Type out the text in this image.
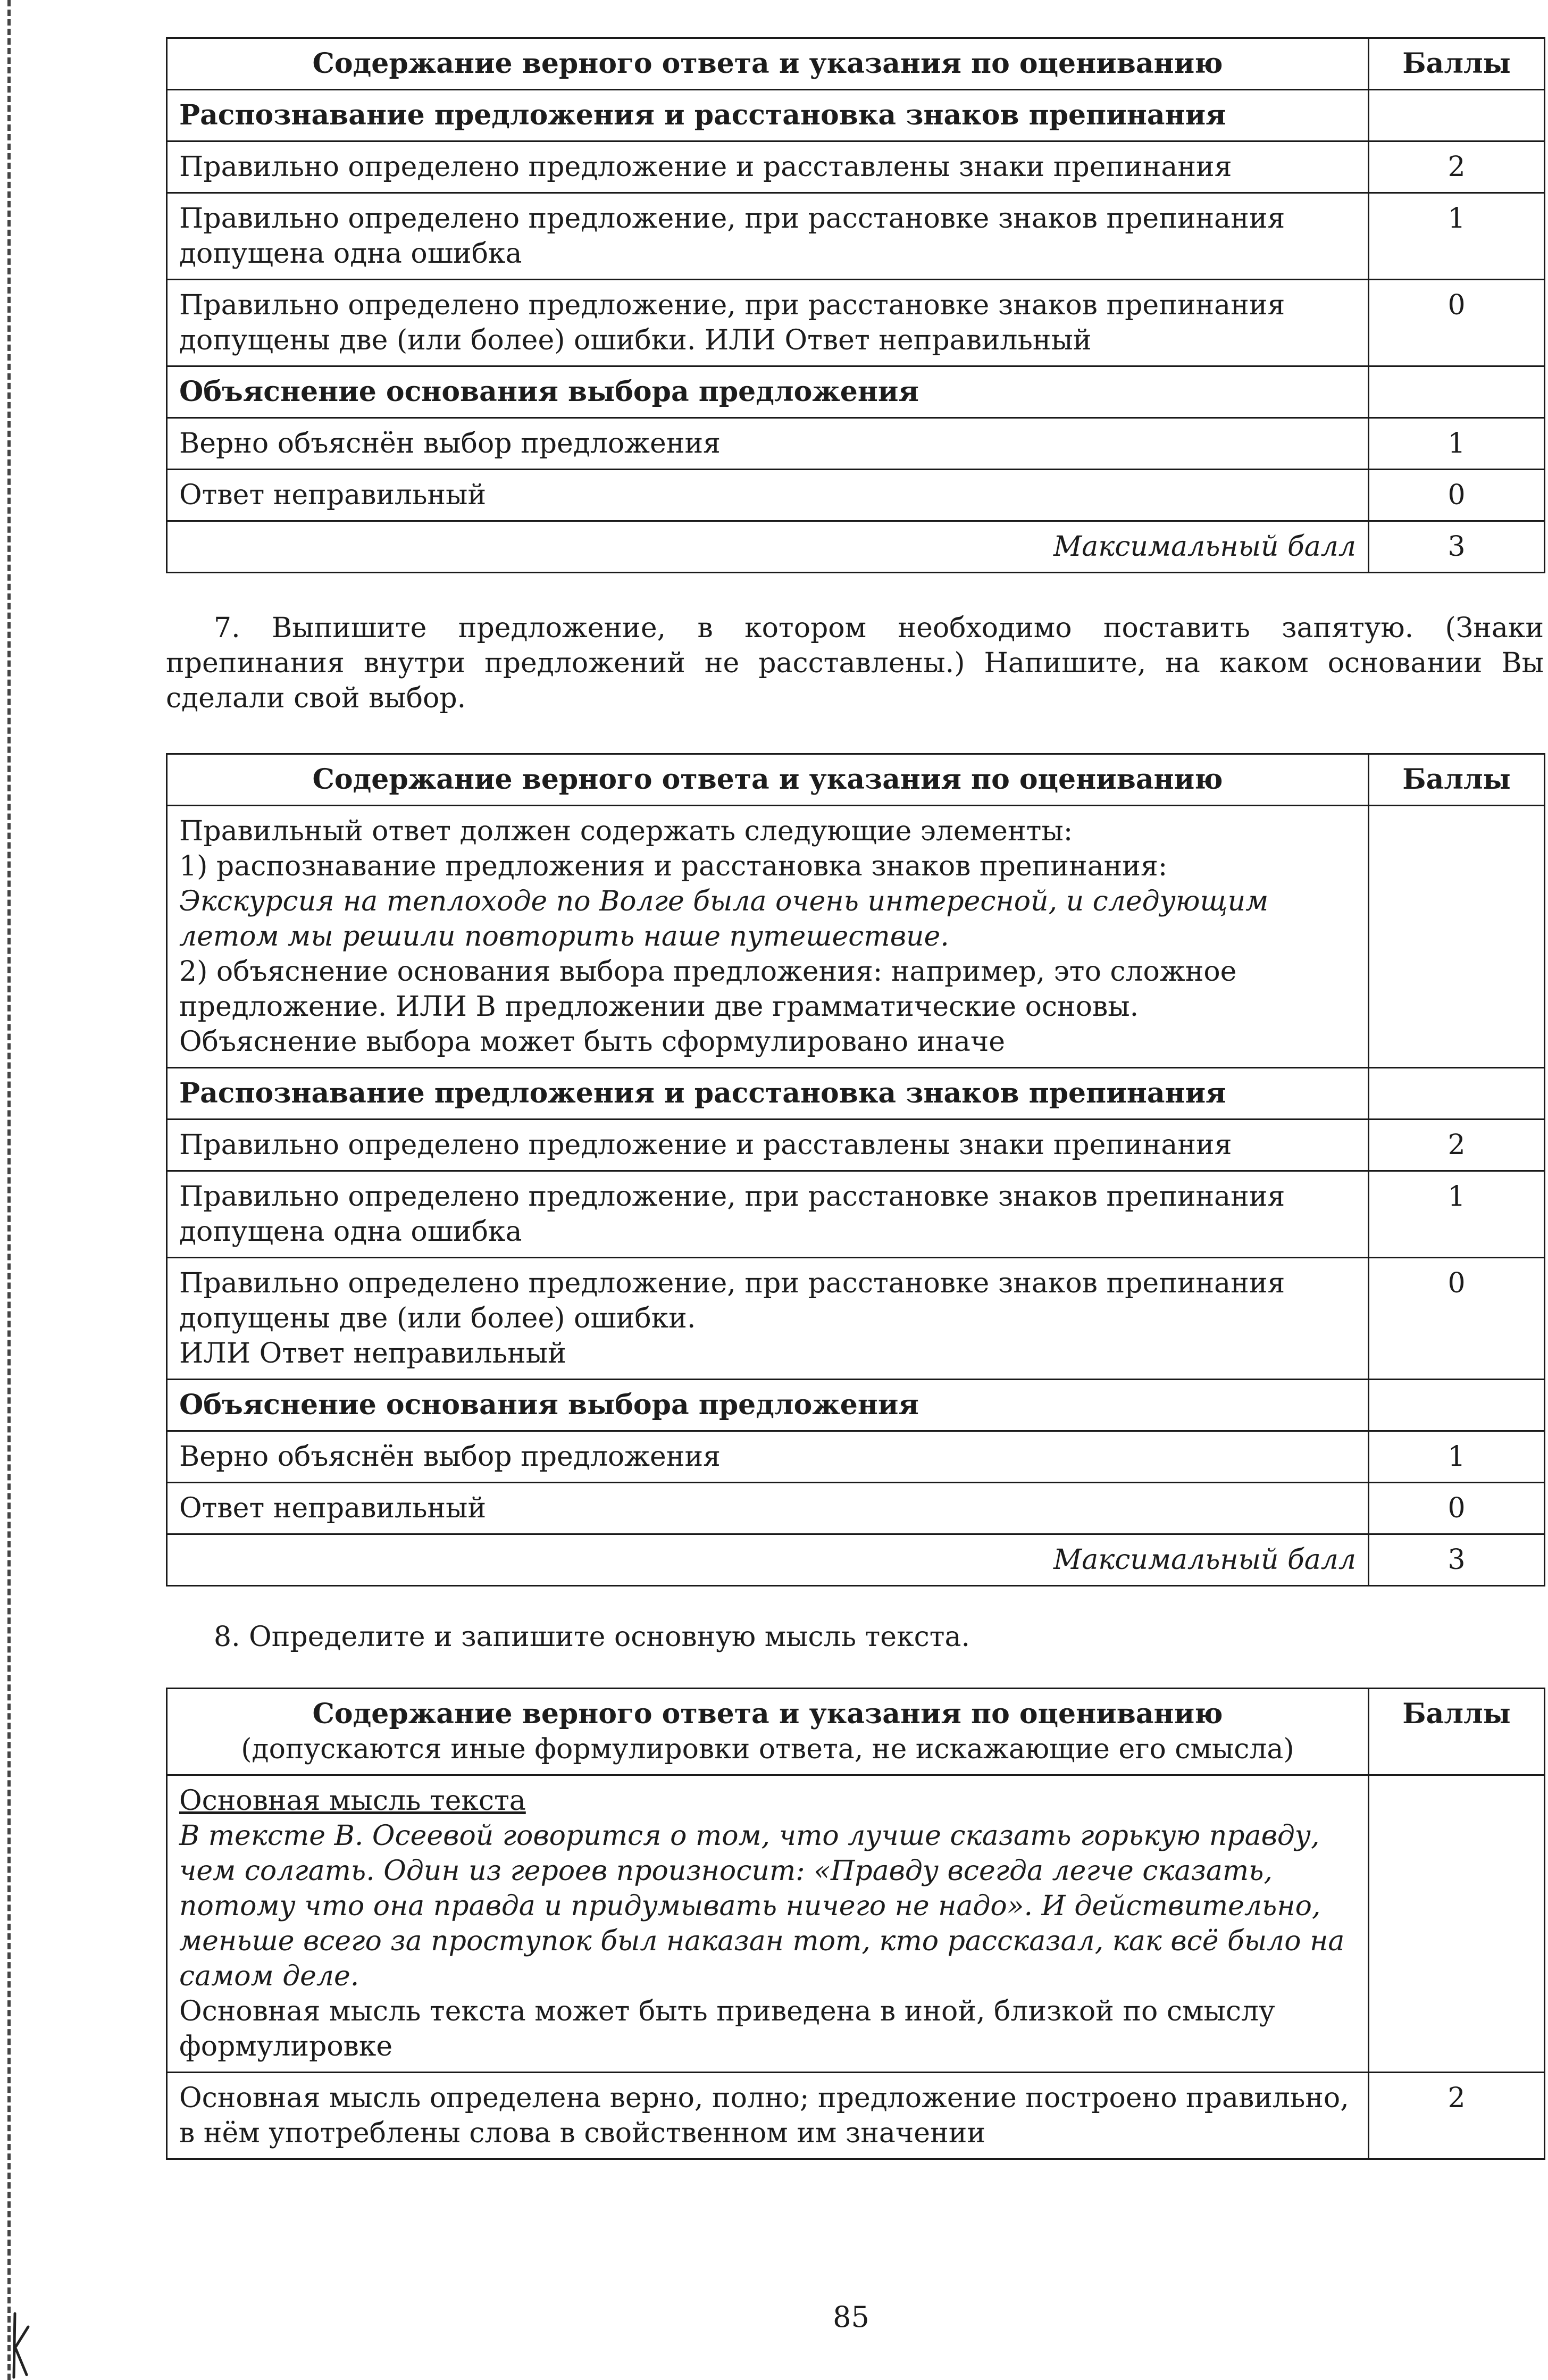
Содержание верного ответа и указания по оцениванию	Баллы
Распознавание предложения и расстановка знаков препинания	
Правильно определено предложение и расставлены знаки препинания	2
Правильно определено предложение, при расстановке знаков препинания допущена одна ошибка	1
Правильно определено предложение, при расстановке знаков препинания допущены две (или более) ошибки. ИЛИ Ответ неправильный	0
Объяснение основания выбора предложения	
Верно объяснён выбор предложения	1
Ответ неправильный	0
Максимальный балл	3

7. Выпишите предложение, в котором необходимо поставить запятую. (Знаки препинания внутри предложений не расставлены.) Напишите, на каком основании Вы сделали свой выбор.

Содержание верного ответа и указания по оцениванию	Баллы

Правильный ответ должен содержать следующие элементы:
1) распознавание предложения и расстановка знаков препинания:
Экскурсия на теплоходе по Волге была очень интересной, и следующим летом мы решили повторить наше путешествие.
2) объяснение основания выбора предложения: например, это сложное предложение. ИЛИ В предложении две грамматические основы.
Объяснение выбора может быть сформулировано иначе	

Распознавание предложения и расстановка знаков препинания	
Правильно определено предложение и расставлены знаки препинания	2
Правильно определено предложение, при расстановке знаков препинания допущена одна ошибка	1

Правильно определено предложение, при расстановке знаков препинания допущены две (или более) ошибки.
ИЛИ Ответ неправильный	0
Объяснение основания выбора предложения	
Верно объяснён выбор предложения	1
Ответ неправильный	0
Максимальный балл	3

8. Определите и запишите основную мысль текста.

Содержание верного ответа и указания по оцениванию
(допускаются иные формулировки ответа, не искажающие его смысла)	Баллы

Основная мысль текста
В тексте В. Осеевой говорится о том, что лучше сказать горькую правду, чем солгать. Один из героев произносит: «Правду всегда легче сказать, потому что она правда и придумывать ничего не надо». И действительно, меньше всего за проступок был наказан тот, кто рассказал, как всё было на самом деле.
Основная мысль текста может быть приведена в иной, близкой по смыслу формулировке	

Основная мысль определена верно, полно; предложение построено правильно, в нём употреблены слова в свойственном им значении	2
85
